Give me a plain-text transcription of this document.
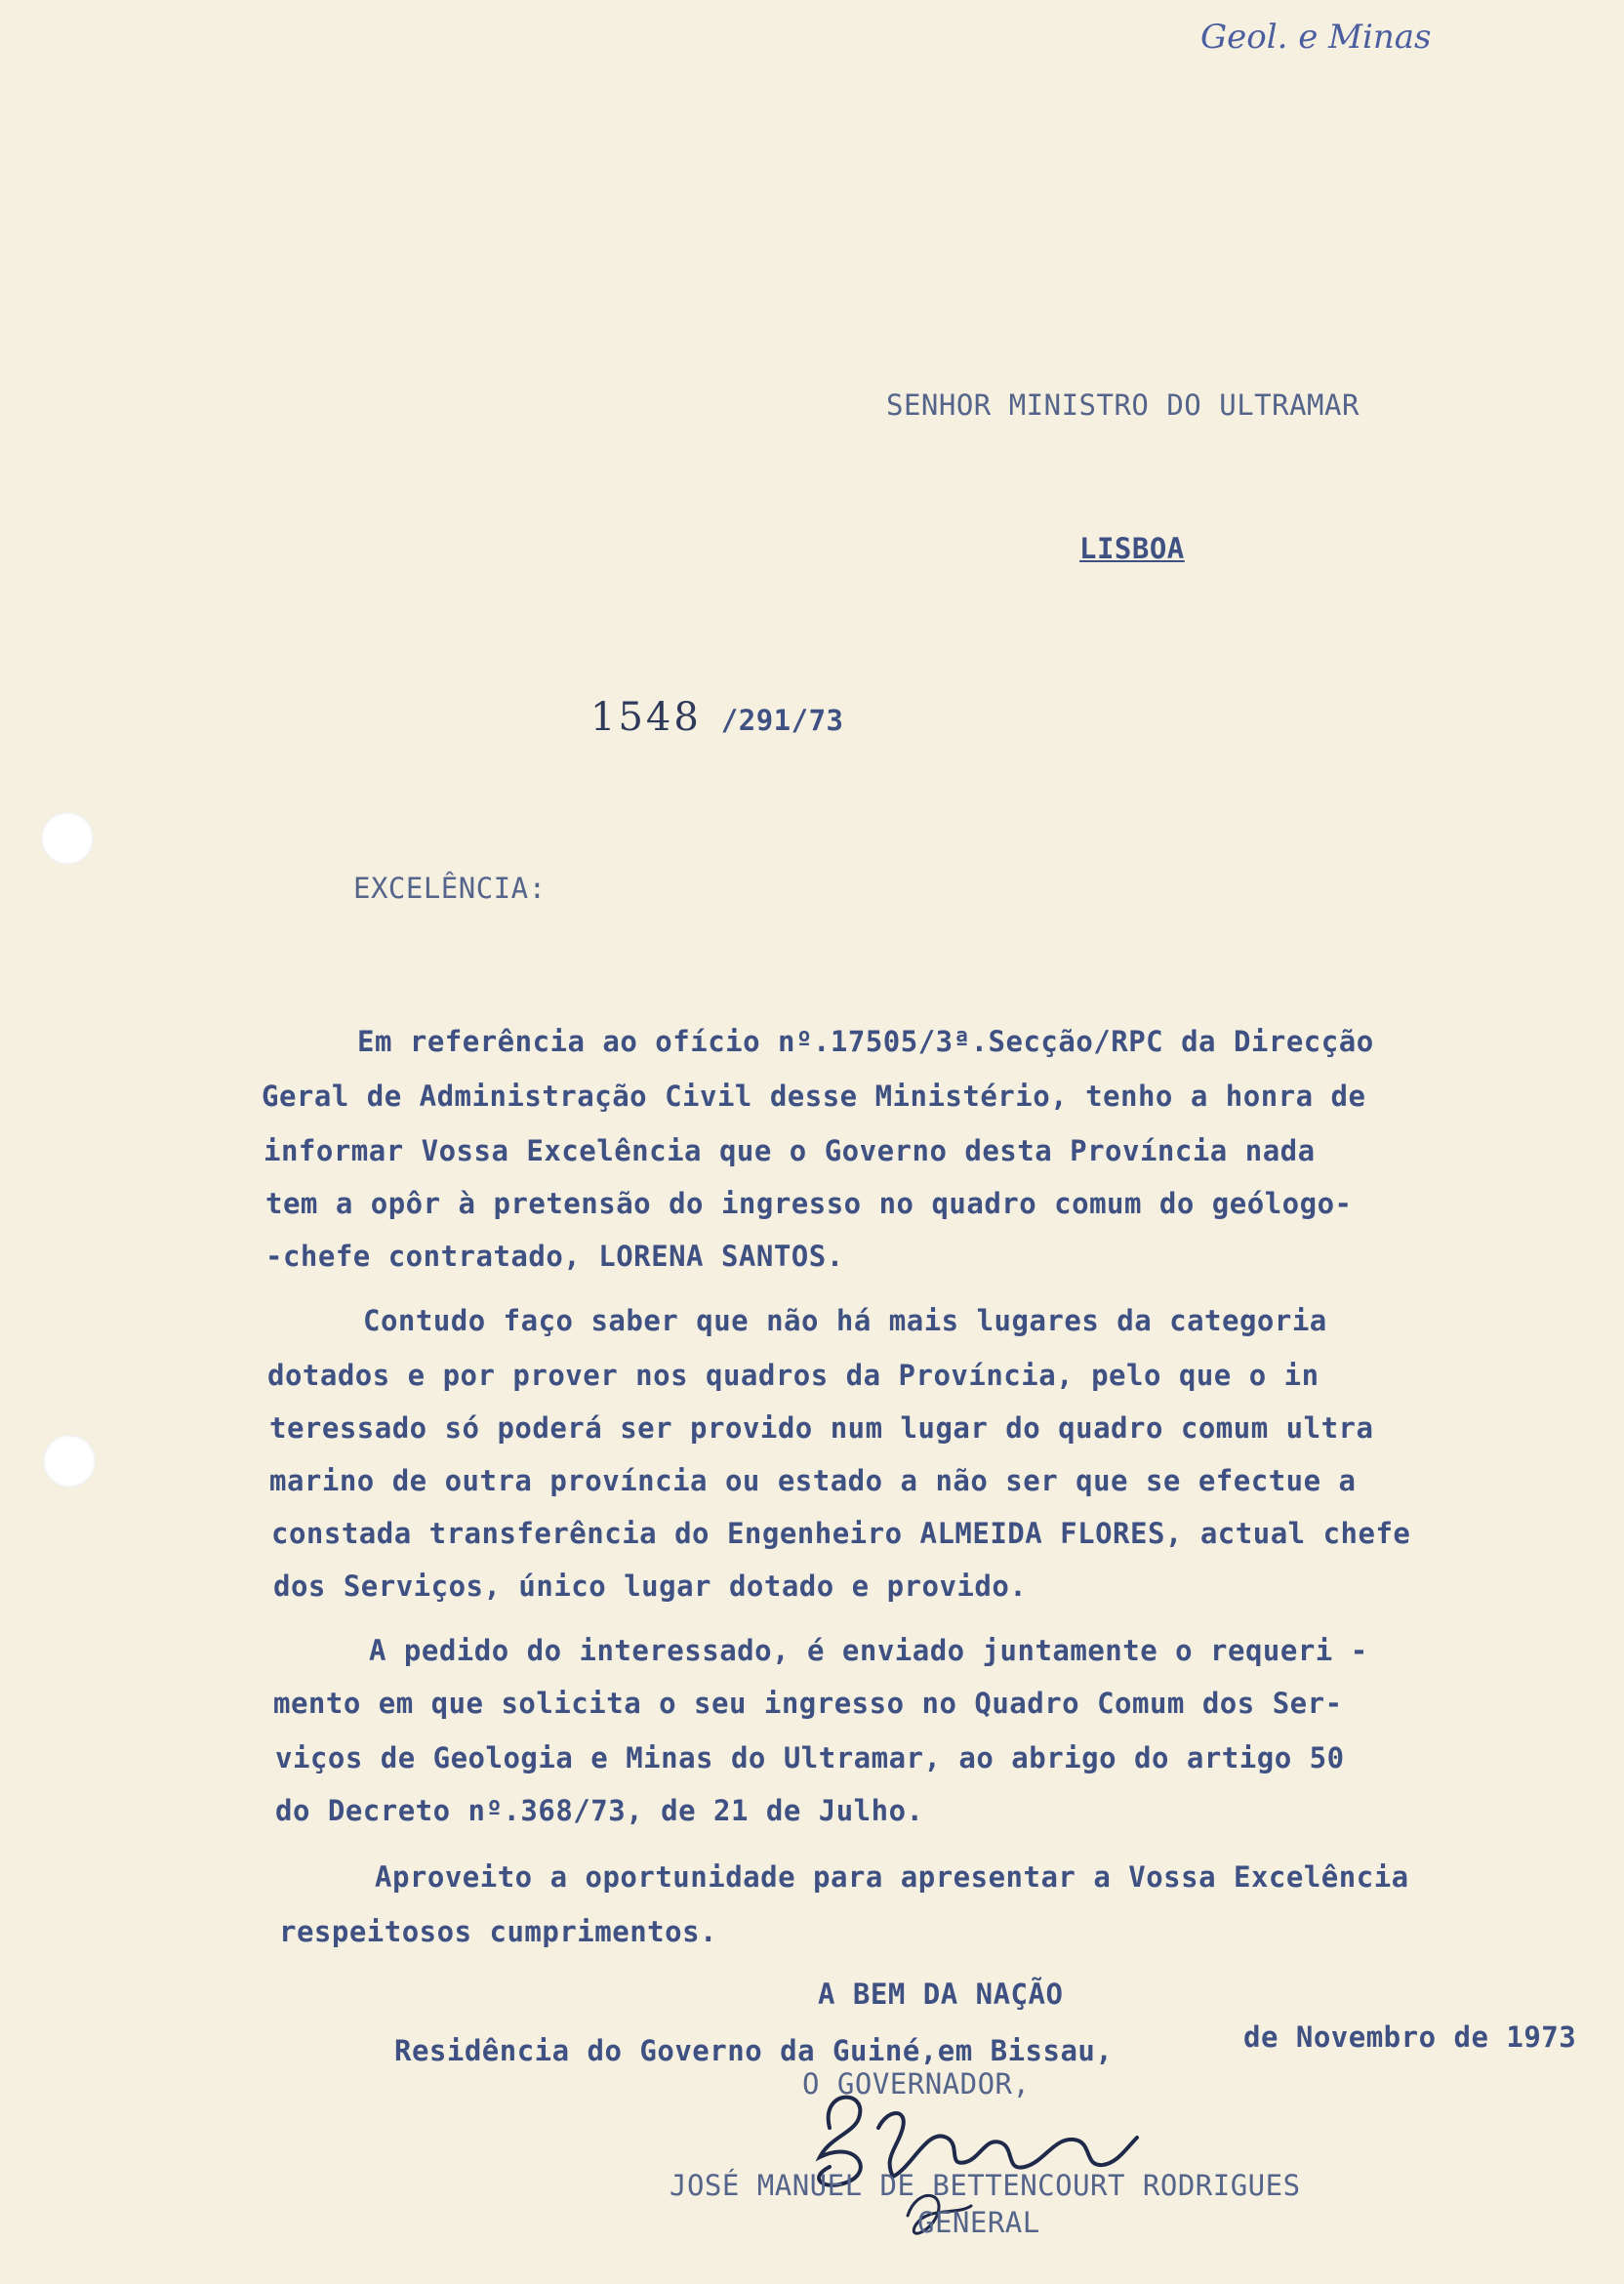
Geol. e Minas
SENHOR MINISTRO DO ULTRAMAR
LISBOA
1548 /291/73
EXCELÊNCIA:
Em referência ao ofício nº.17505/3ª.Secção/RPC da Direcção
Geral de Administração Civil desse Ministério, tenho a honra de
informar Vossa Excelência que o Governo desta Província nada
tem a opôr à pretensão do ingresso no quadro comum do geólogo-
-chefe contratado, LORENA SANTOS.
Contudo faço saber que não há mais lugares da categoria
dotados e por prover nos quadros da Província, pelo que o in
teressado só poderá ser provido num lugar do quadro comum ultra
marino de outra província ou estado a não ser que se efectue a
constada transferência do Engenheiro ALMEIDA FLORES, actual chefe
dos Serviços, único lugar dotado e provido.
A pedido do interessado, é enviado juntamente o requeri -
mento em que solicita o seu ingresso no Quadro Comum dos Ser-
viços de Geologia e Minas do Ultramar, ao abrigo do artigo 50
do Decreto nº.368/73, de 21 de Julho.
Aproveito a oportunidade para apresentar a Vossa Excelência
respeitosos cumprimentos.
A BEM DA NAÇÃO
Residência do Governo da Guiné,em Bissau,	de Novembro de 1973
O GOVERNADOR,
JOSÉ MANUEL DE BETTENCOURT RODRIGUES
GENERAL
